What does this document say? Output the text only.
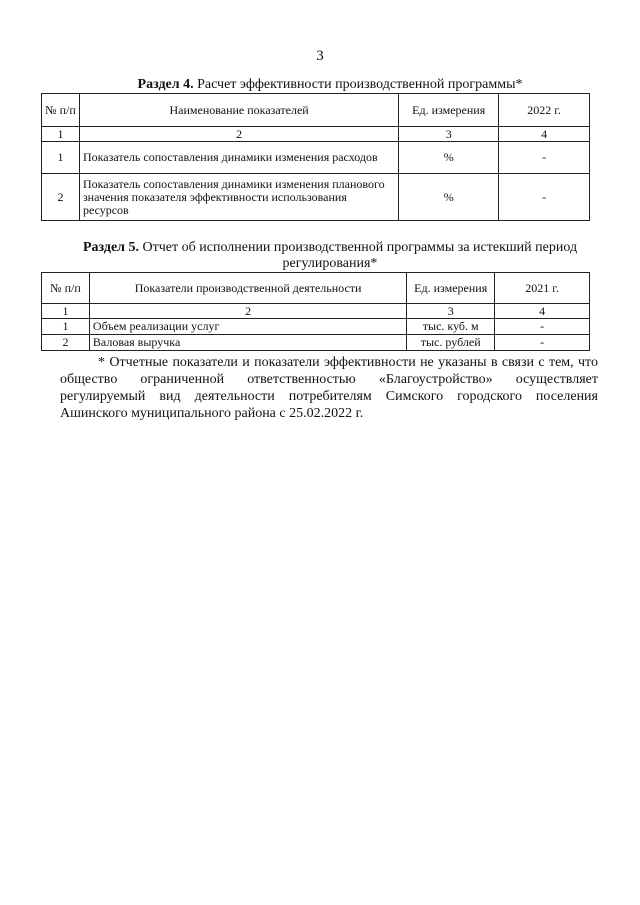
3
Раздел 4. Расчет эффективности производственной программы*
№ п/п	Наименование показателей	Ед. измерения	2022 г.
1	2	3	4
1	Показатель сопоставления динамики изменения расходов	%	-
2	Показатель сопоставления динамики изменения планового значения показателя эффективности использования ресурсов	%	-
Раздел 5. Отчет об исполнении производственной программы за истекший период регулирования*
№ п/п	Показатели производственной деятельности	Ед. измерения	2021 г.
1	2	3	4
1	Объем реализации услуг	тыс. куб. м	-
2	Валовая выручка	тыс. рублей	-
* Отчетные показатели и показатели эффективности не указаны в связи с тем, что общество ограниченной ответственностью «Благоустройство» осуществляет регулируемый вид деятельности потребителям Симского городского поселения Ашинского муниципального района с 25.02.2022 г.
